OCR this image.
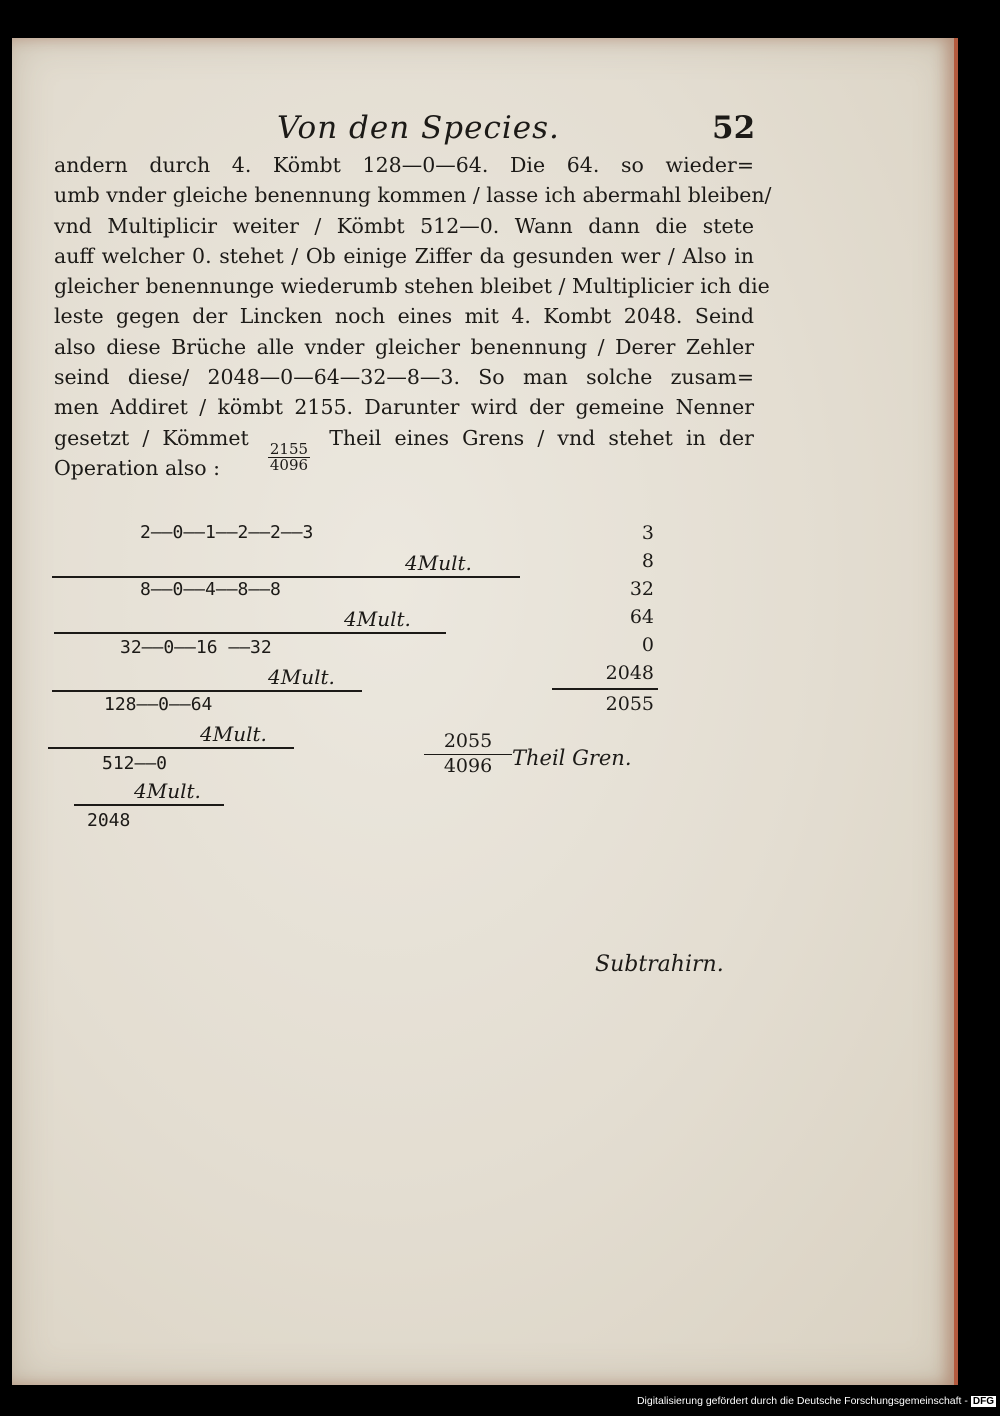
Von den Species.	52
andern durch 4. Kömbt 128—0—64. Die 64. so wieder=
umb vnder gleiche benennung kommen / lasse ich abermahl bleiben/
vnd Multiplicir weiter / Kömbt 512—0. Wann dann die stete
auff welcher 0. stehet / Ob einige Ziffer da gesunden wer / Also in
gleicher benennunge wiederumb stehen bleibet / Multiplicier ich die
leste gegen der Lincken noch eines mit 4. Kombt 2048. Seind
also diese Brüche alle vnder gleicher benennung / Derer Zehler
seind diese/ 2048—0—64—32—8—3. So man solche zusam=
men Addiret / kömbt 2155. Darunter wird der gemeine Nenner
gesetzt / Kömmet
$\frac{2155}{4096}$
Theil eines Grens / vnd stehet in der
Operation also :
2——0——1——2——2——3
4Mult.
8——0——4——8——8
4Mult.
32——0——16 ——32
4Mult.
128——0——64
4Mult.
512——0
4Mult.
2048
3
8
32
64
0
2048
2055
$\frac{2055}{4096}$ Theil Gren.
Subtrahirn.
Digitalisierung gefördert durch die Deutsche Forschungsgemeinschaft - DFG
